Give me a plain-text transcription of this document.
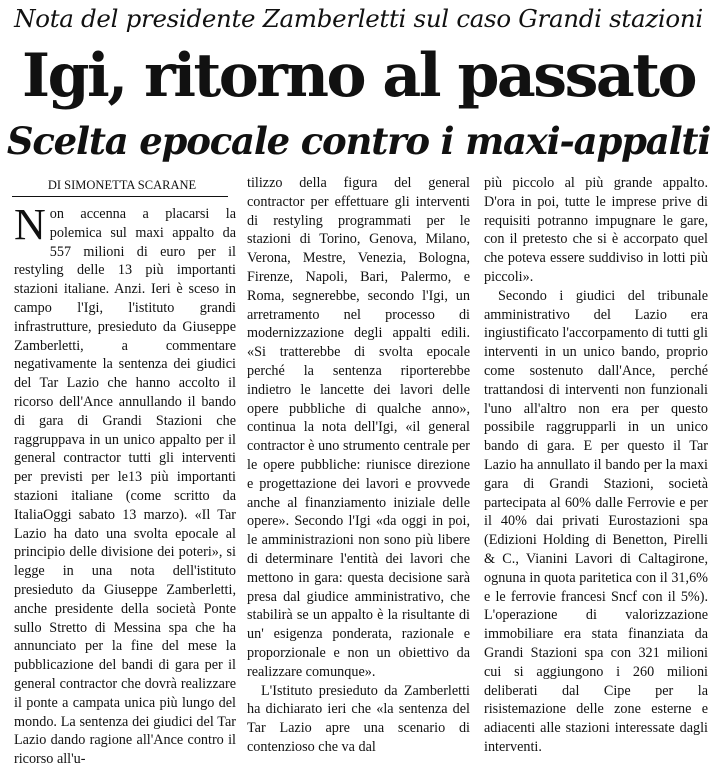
Nota del presidente Zamberletti sul caso Grandi stazioni
Igi, ritorno al passato
Scelta epocale contro i maxi-appalti
DI SIMONETTA SCARANE

Non accenna a placarsi la polemica sul maxi appalto da 557 milioni di euro per il restyling delle 13 più importanti stazioni italiane. Anzi. Ieri è sceso in campo l'Igi, l'istituto grandi infrastrutture, presieduto da Giuseppe Zamberletti, a commentare negativamente la sentenza dei giudici del Tar Lazio che hanno accolto il ricorso dell'Ance annullando il bando di gara di Grandi Stazioni che raggruppava in un unico appalto per il general contractor tutti gli interventi per previsti per le13 più importanti stazioni italiane (come scritto da ItaliaOggi sabato 13 marzo). «Il Tar Lazio ha dato una svolta epocale al principio delle divisione dei poteri», si legge in una nota dell'istituto presieduto da Giuseppe Zamberletti, anche presidente della società Ponte sullo Stretto di Messina spa che ha annunciato per la fine del mese la pubblicazione del bandi di gara per il general contractor che dovrà realizzare il ponte a campata unica più lungo del mondo. La sentenza dei giudici del Tar Lazio dando ragione all'Ance contro il ricorso all'u-

tilizzo della figura del general contractor per effettuare gli interventi di restyling programmati per le stazioni di Torino, Genova, Milano, Verona, Mestre, Venezia, Bologna, Firenze, Napoli, Bari, Palermo, e Roma, segnerebbe, secondo l'Igi, un arretramento nel processo di modernizzazione degli appalti edili. «Si tratterebbe di svolta epocale perché la sentenza riporterebbe indietro le lancette dei lavori delle opere pubbliche di qualche anno», continua la nota dell'Igi, «il general contractor è uno strumento centrale per le opere pubbliche: riunisce direzione e progettazione dei lavori e provvede anche al finanziamento iniziale delle opere». Secondo l'Igi «da oggi in poi, le amministrazioni non sono più libere di determinare l'entità dei lavori che mettono in gara: questa decisione sarà presa dal giudice amministrativo, che stabilirà se un appalto è la risultante di un' esigenza ponderata, razionale e proporzionale e non un obiettivo da realizzare comunque».

L'Istituto presieduto da Zamberletti ha dichiarato ieri che «la sentenza del Tar Lazio apre una scenario di contenzioso che va dal

più piccolo al più grande appalto. D'ora in poi, tutte le imprese prive di requisiti potranno impugnare le gare, con il pretesto che si è accorpato quel che poteva essere suddiviso in lotti più piccoli».

Secondo i giudici del tribunale amministrativo del Lazio era ingiustificato l'accorpamento di tutti gli interventi in un unico bando, proprio come sostenuto dall'Ance, perché trattandosi di interventi non funzionali l'uno all'altro non era per questo possibile raggrupparli in un unico bando di gara. E per questo il Tar Lazio ha annullato il bando per la maxi gara di Grandi Stazioni, società partecipata al 60% dalle Ferrovie e per il 40% dai privati Eurostazioni spa (Edizioni Holding di Benetton, Pirelli & C., Vianini Lavori di Caltagirone, ognuna in quota paritetica con il 31,6% e le ferrovie francesi Sncf con il 5%). L'operazione di valorizzazione immobiliare era stata finanziata da Grandi Stazioni spa con 321 milioni cui si aggiungono i 260 milioni deliberati dal Cipe per la risistemazione delle zone esterne e adiacenti alle stazioni interessate dagli interventi.
